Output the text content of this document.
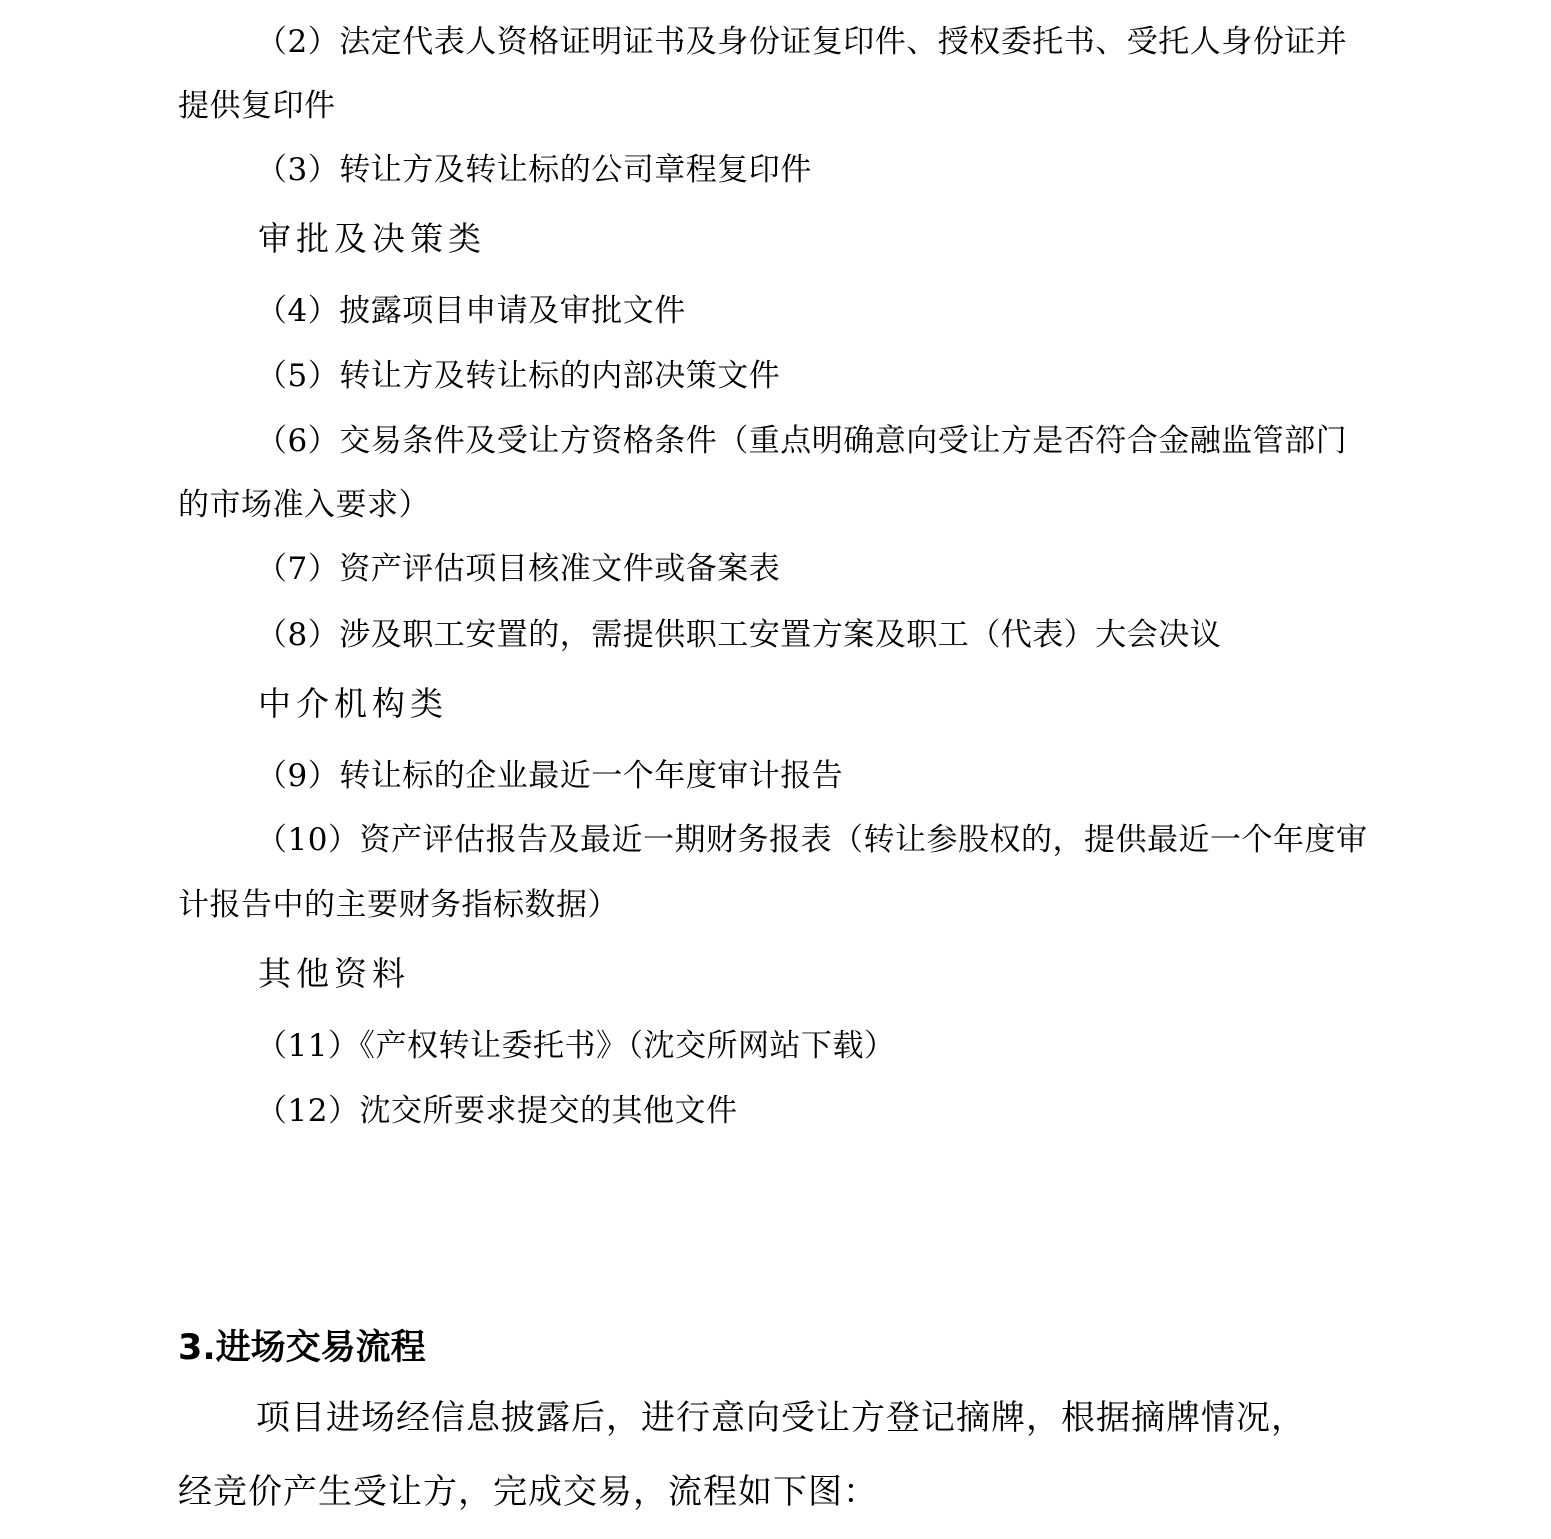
（2）法定代表人资格证明证书及身份证复印件、授权委托书、受托人身份证并
提供复印件
（3）转让方及转让标的公司章程复印件
审批及决策类
（4）披露项目申请及审批文件
（5）转让方及转让标的内部决策文件
（6）交易条件及受让方资格条件（重点明确意向受让方是否符合金融监管部门
的市场准入要求）
（7）资产评估项目核准文件或备案表
（8）涉及职工安置的，需提供职工安置方案及职工（代表）大会决议
中介机构类
（9）转让标的企业最近一个年度审计报告
（10）资产评估报告及最近一期财务报表（转让参股权的，提供最近一个年度审
计报告中的主要财务指标数据）
其他资料
（11）《产权转让委托书》（沈交所网站下载）
（12）沈交所要求提交的其他文件
3.进场交易流程
项目进场经信息披露后，进行意向受让方登记摘牌，根据摘牌情况，
经竞价产生受让方，完成交易，流程如下图：
